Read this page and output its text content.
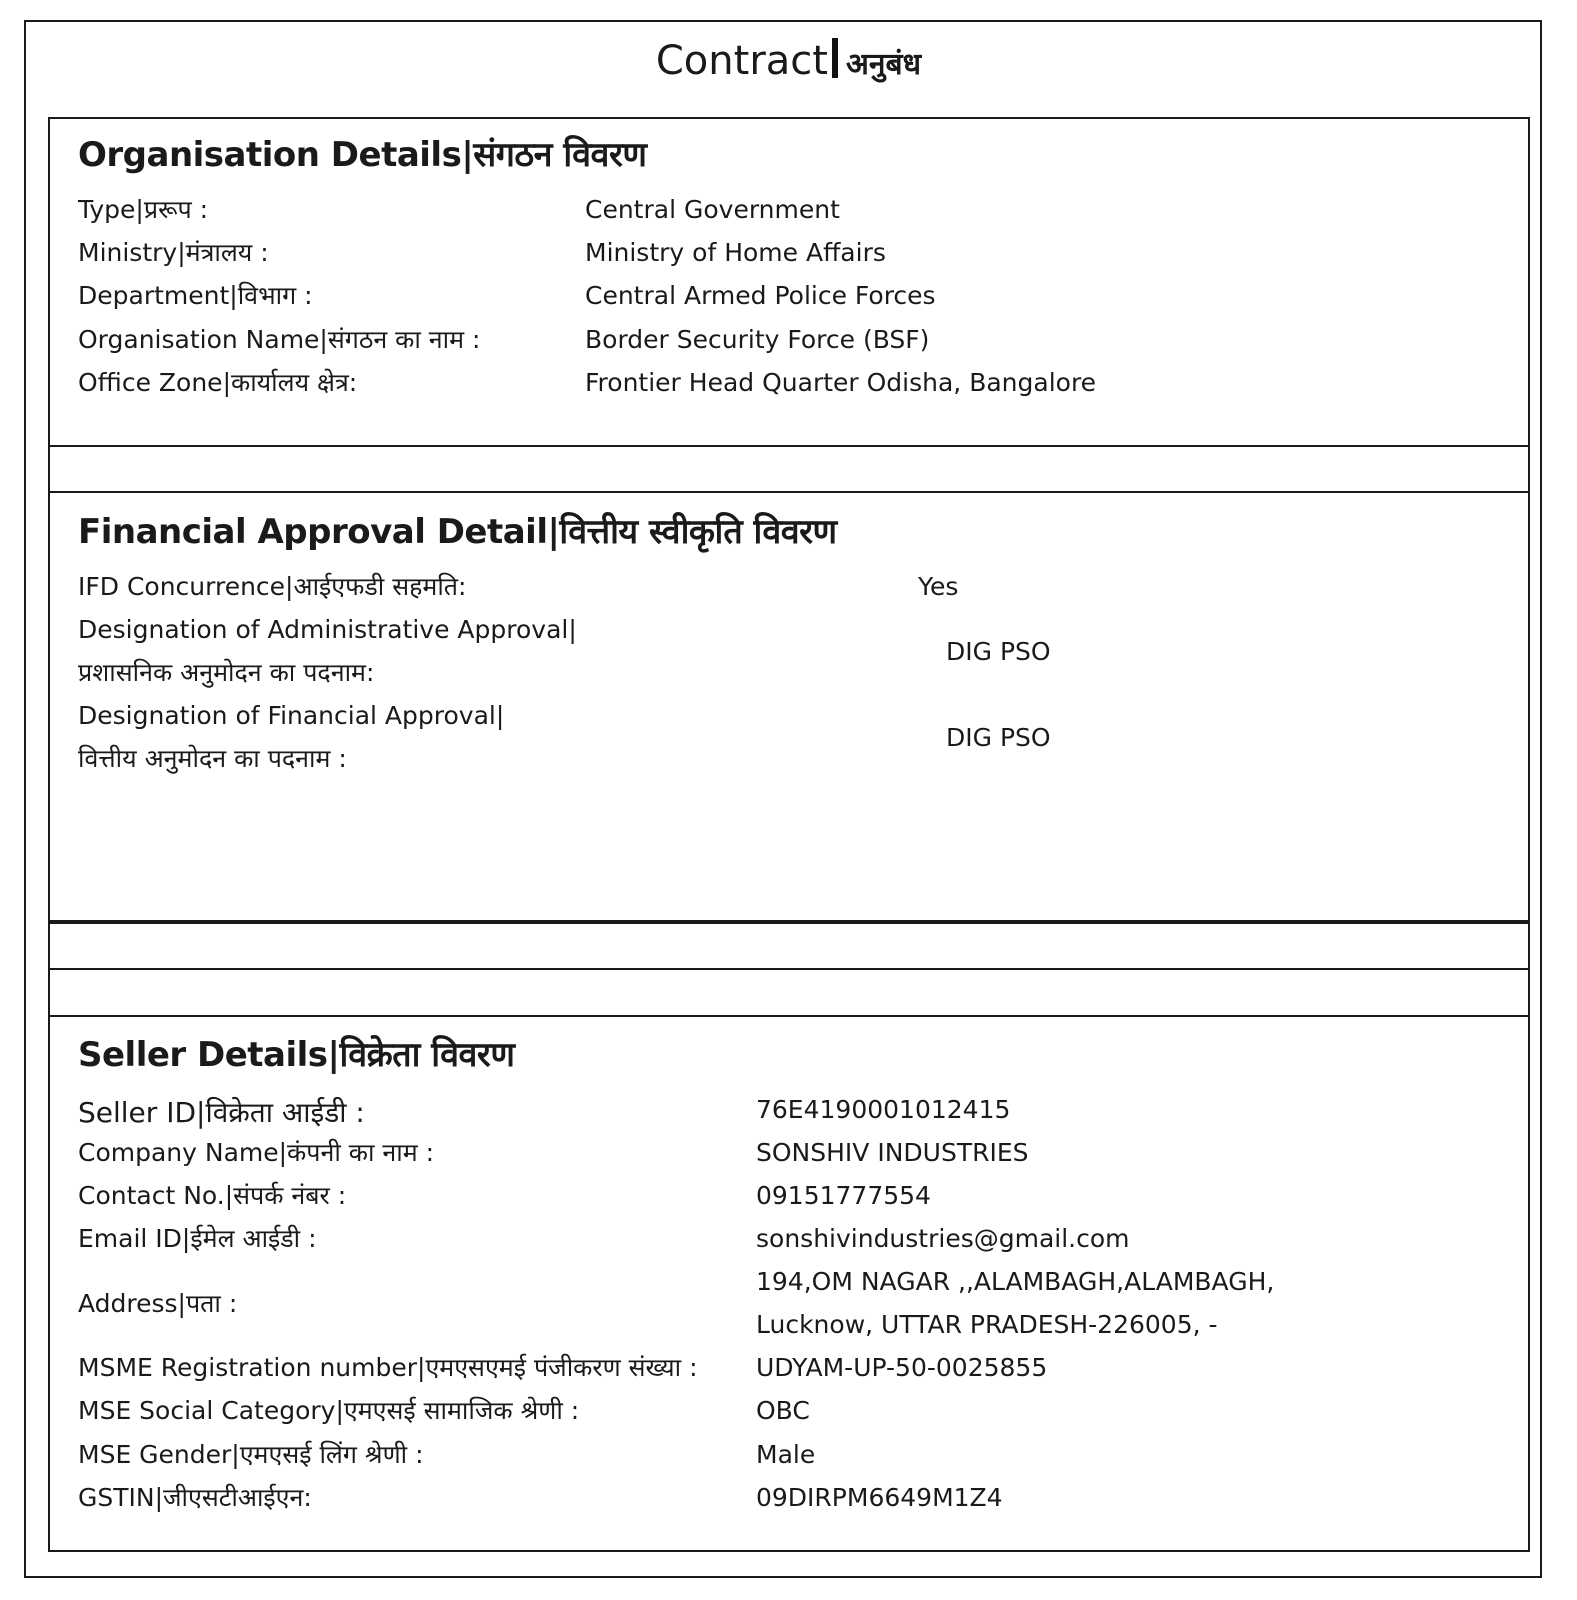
Contract अनुबंध
Organisation Details|संगठन विवरण
Type|प्ररूप :	Central Government
Ministry|मंत्रालय :	Ministry of Home Affairs
Department|विभाग :	Central Armed Police Forces
Organisation Name|संगठन का नाम :	Border Security Force (BSF)
Office Zone|कार्यालय क्षेत्र:	Frontier Head Quarter Odisha, Bangalore
Financial Approval Detail|वित्तीय स्वीकृति विवरण
IFD Concurrence|आईएफडी सहमति:	Yes
Designation of Administrative Approval|
प्रशासनिक अनुमोदन का पदनाम:
DIG PSO
Designation of Financial Approval|
वित्तीय अनुमोदन का पदनाम :
DIG PSO
Seller Details|विक्रेता विवरण
Seller ID|विक्रेता आईडी :	76E4190001012415
Company Name|कंपनी का नाम :	SONSHIV INDUSTRIES
Contact No.|संपर्क नंबर :	09151777554
Email ID|ईमेल आईडी :	sonshivindustries@gmail.com
Address|पता :
194,OM NAGAR ,,ALAMBAGH,ALAMBAGH,
Lucknow, UTTAR PRADESH-226005, -
MSME Registration number|एमएसएमई पंजीकरण संख्या : UDYAM-UP-50-0025855
MSE Social Category|एमएसई सामाजिक श्रेणी :	OBC
MSE Gender|एमएसई लिंग श्रेणी :	Male
GSTIN|जीएसटीआईएन:	09DIRPM6649M1Z4
